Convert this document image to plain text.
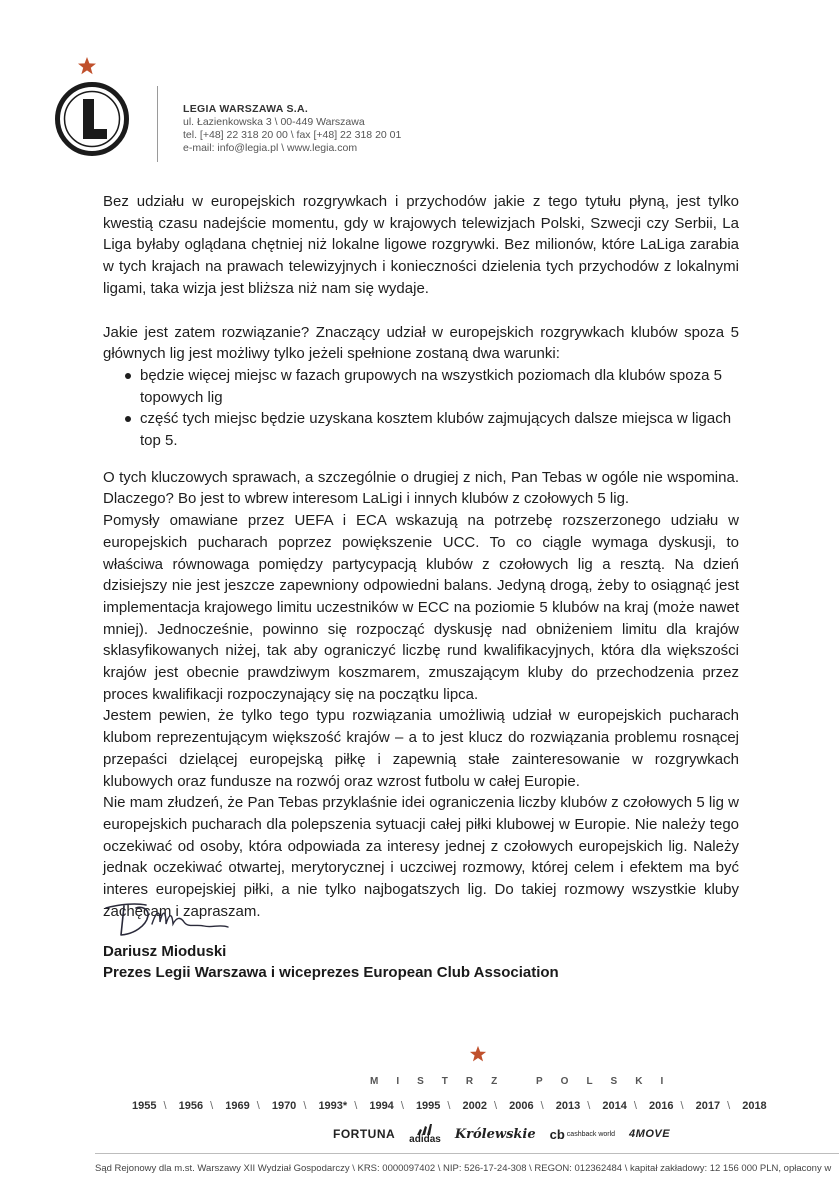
LEGIA WARSZAWA S.A.
ul. Łazienkowska 3 \ 00-449 Warszawa
tel. [+48] 22 318 20 00 \ fax [+48] 22 318 20 01
e-mail: info@legia.pl \ www.legia.com

Bez udziału w europejskich rozgrywkach i przychodów jakie z tego tytułu płyną, jest tylko kwestią czasu nadejście momentu, gdy w krajowych telewizjach Polski, Szwecji czy Serbii, La Liga byłaby oglądana chętniej niż lokalne ligowe rozgrywki. Bez milionów, które LaLiga zarabia w tych krajach na prawach telewizyjnych i konieczności dzielenia tych przychodów z lokalnymi ligami, taka wizja jest bliższa niż nam się wydaje.

Jakie jest zatem rozwiązanie? Znaczący udział w europejskich rozgrywkach klubów spoza 5 głównych lig jest możliwy tylko jeżeli spełnione zostaną dwa warunki:

będzie więcej miejsc w fazach grupowych na wszystkich poziomach dla klubów spoza 5 topowych lig
część tych miejsc będzie uzyskana kosztem klubów zajmujących dalsze miejsca w ligach top 5.

O tych kluczowych sprawach, a szczególnie o drugiej z nich, Pan Tebas w ogóle nie wspomina. Dlaczego? Bo jest to wbrew interesom LaLigi i innych klubów z czołowych 5 lig.

Pomysły omawiane przez UEFA i ECA wskazują na potrzebę rozszerzonego udziału w europejskich pucharach poprzez powiększenie UCC. To co ciągle wymaga dyskusji, to właściwa równowaga pomiędzy partycypacją klubów z czołowych lig a resztą. Na dzień dzisiejszy nie jest jeszcze zapewniony odpowiedni balans. Jedyną drogą, żeby to osiągnąć jest implementacja krajowego limitu uczestników w ECC na poziomie 5 klubów na kraj (może nawet mniej). Jednocześnie, powinno się rozpocząć dyskusję nad obniżeniem limitu dla krajów sklasyfikowanych niżej, tak aby ograniczyć liczbę rund kwalifikacyjnych, która dla większości krajów jest obecnie prawdziwym koszmarem, zmuszającym kluby do przechodzenia przez proces kwalifikacji rozpoczynający się na początku lipca.

Jestem pewien, że tylko tego typu rozwiązania umożliwią udział w europejskich pucharach klubom reprezentującym większość krajów – a to jest klucz do rozwiązania problemu rosnącej przepaści dzielącej europejską piłkę i zapewnią stałe zainteresowanie w rozgrywkach klubowych oraz fundusze na rozwój oraz wzrost futbolu w całej Europie.

Nie mam złudzeń, że Pan Tebas przyklaśnie idei ograniczenia liczby klubów z czołowych 5 lig w europejskich pucharach dla polepszenia sytuacji całej piłki klubowej w Europie. Nie należy tego oczekiwać od osoby, która odpowiada za interesy jednej z czołowych europejskich lig. Należy jednak oczekiwać otwartej, merytorycznej i uczciwej rozmowy, której celem i efektem ma być interes europejskiej piłki, a nie tylko najbogatszych lig. Do takiej rozmowy wszystkie kluby zachęcam i zapraszam.

Dariusz Mioduski
Prezes Legii Warszawa i wiceprezes European Club Association
MISTRZ POLSKI
1955 \ 1956 \ 1969 \ 1970 \ 1993* \ 1994 \ 1995 \ 2002 \ 2006 \ 2013 \ 2014 \ 2016 \ 2017 \ 2018
FORTUNA adidas Królewskie cb cashback world 4MOVE
Sąd Rejonowy dla m.st. Warszawy XII Wydział Gospodarczy \ KRS: 0000097402 \ NIP: 526-17-24-308 \ REGON: 012362484 \ kapitał zakładowy: 12 156 000 PLN, opłacony w
